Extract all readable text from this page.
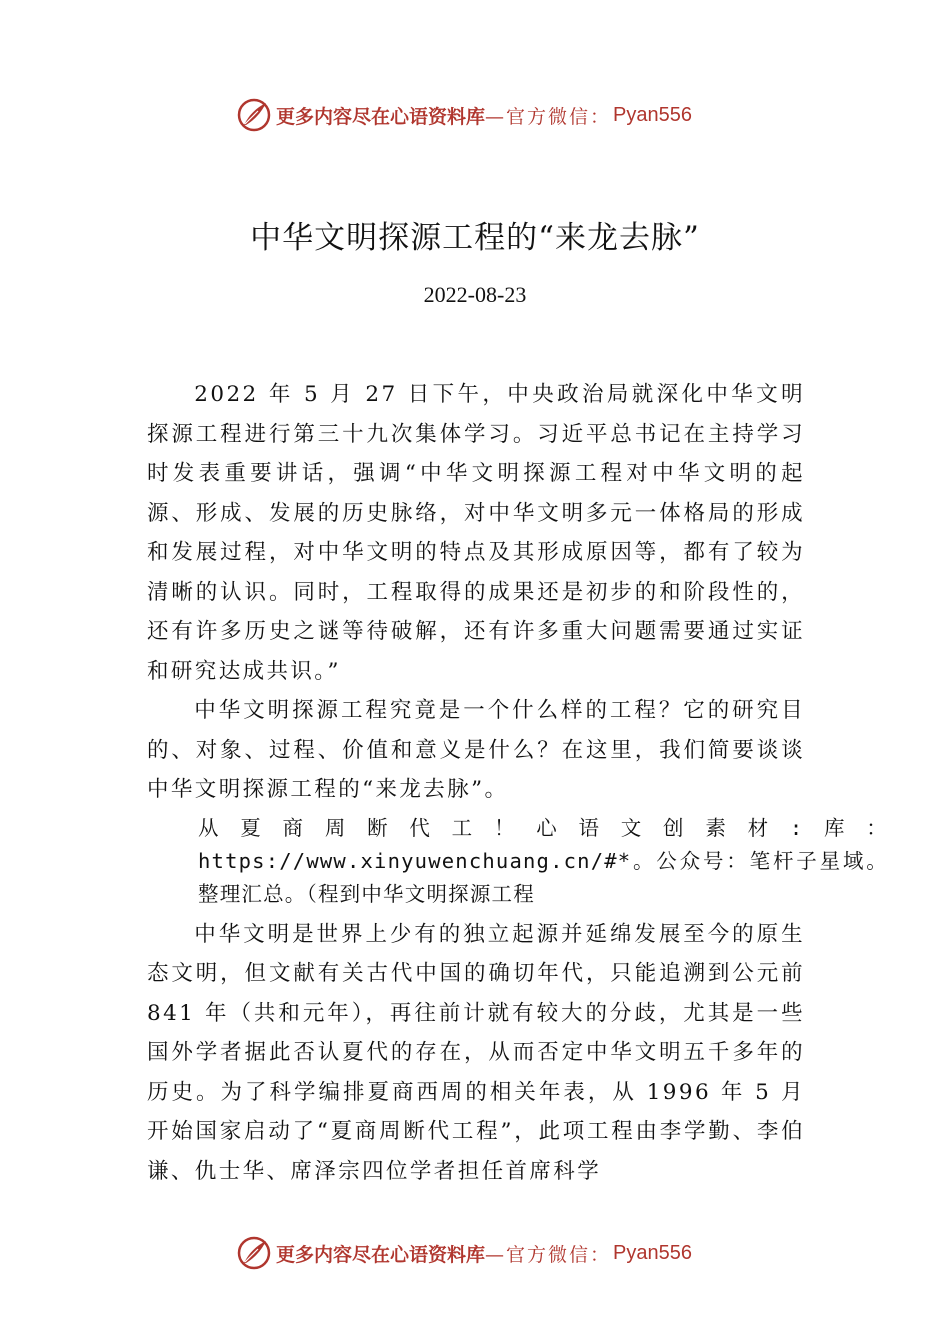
更多内容尽在心语资料库 —官方微信： Pyan556
中华文明探源工程的“来龙去脉”
2022-08-23

2022 年 5 月 27 日下午，中央政治局就深化中华文明探源工程进行第三十九次集体学习。习近平总书记在主持学习时发表重要讲话，强调“中华文明探源工程对中华文明的起源、形成、发展的历史脉络，对中华文明多元一体格局的形成和发展过程，对中华文明的特点及其形成原因等，都有了较为清晰的认识。同时，工程取得的成果还是初步的和阶段性的，还有许多历史之谜等待破解，还有许多重大问题需要通过实证和研究达成共识。”

中华文明探源工程究竟是一个什么样的工程？它的研究目的、对象、过程、价值和意义是什么？在这里，我们简要谈谈中华文明探源工程的“来龙去脉”。

从夏商周断代工！心语文创素材:库：https://www.xinyuwenchuang.cn/#*。公众号：笔杆子星域。整理汇总。（程到中华文明探源工程

中华文明是世界上少有的独立起源并延绵发展至今的原生态文明，但文献有关古代中国的确切年代，只能追溯到公元前 841 年（共和元年），再往前计就有较大的分歧，尤其是一些国外学者据此否认夏代的存在，从而否定中华文明五千多年的历史。为了科学编排夏商西周的相关年表，从 1996 年 5 月开始国家启动了“夏商周断代工程”，此项工程由李学勤、李伯谦、仇士华、席泽宗四位学者担任首席科学

更多内容尽在心语资料库 —官方微信： Pyan556
